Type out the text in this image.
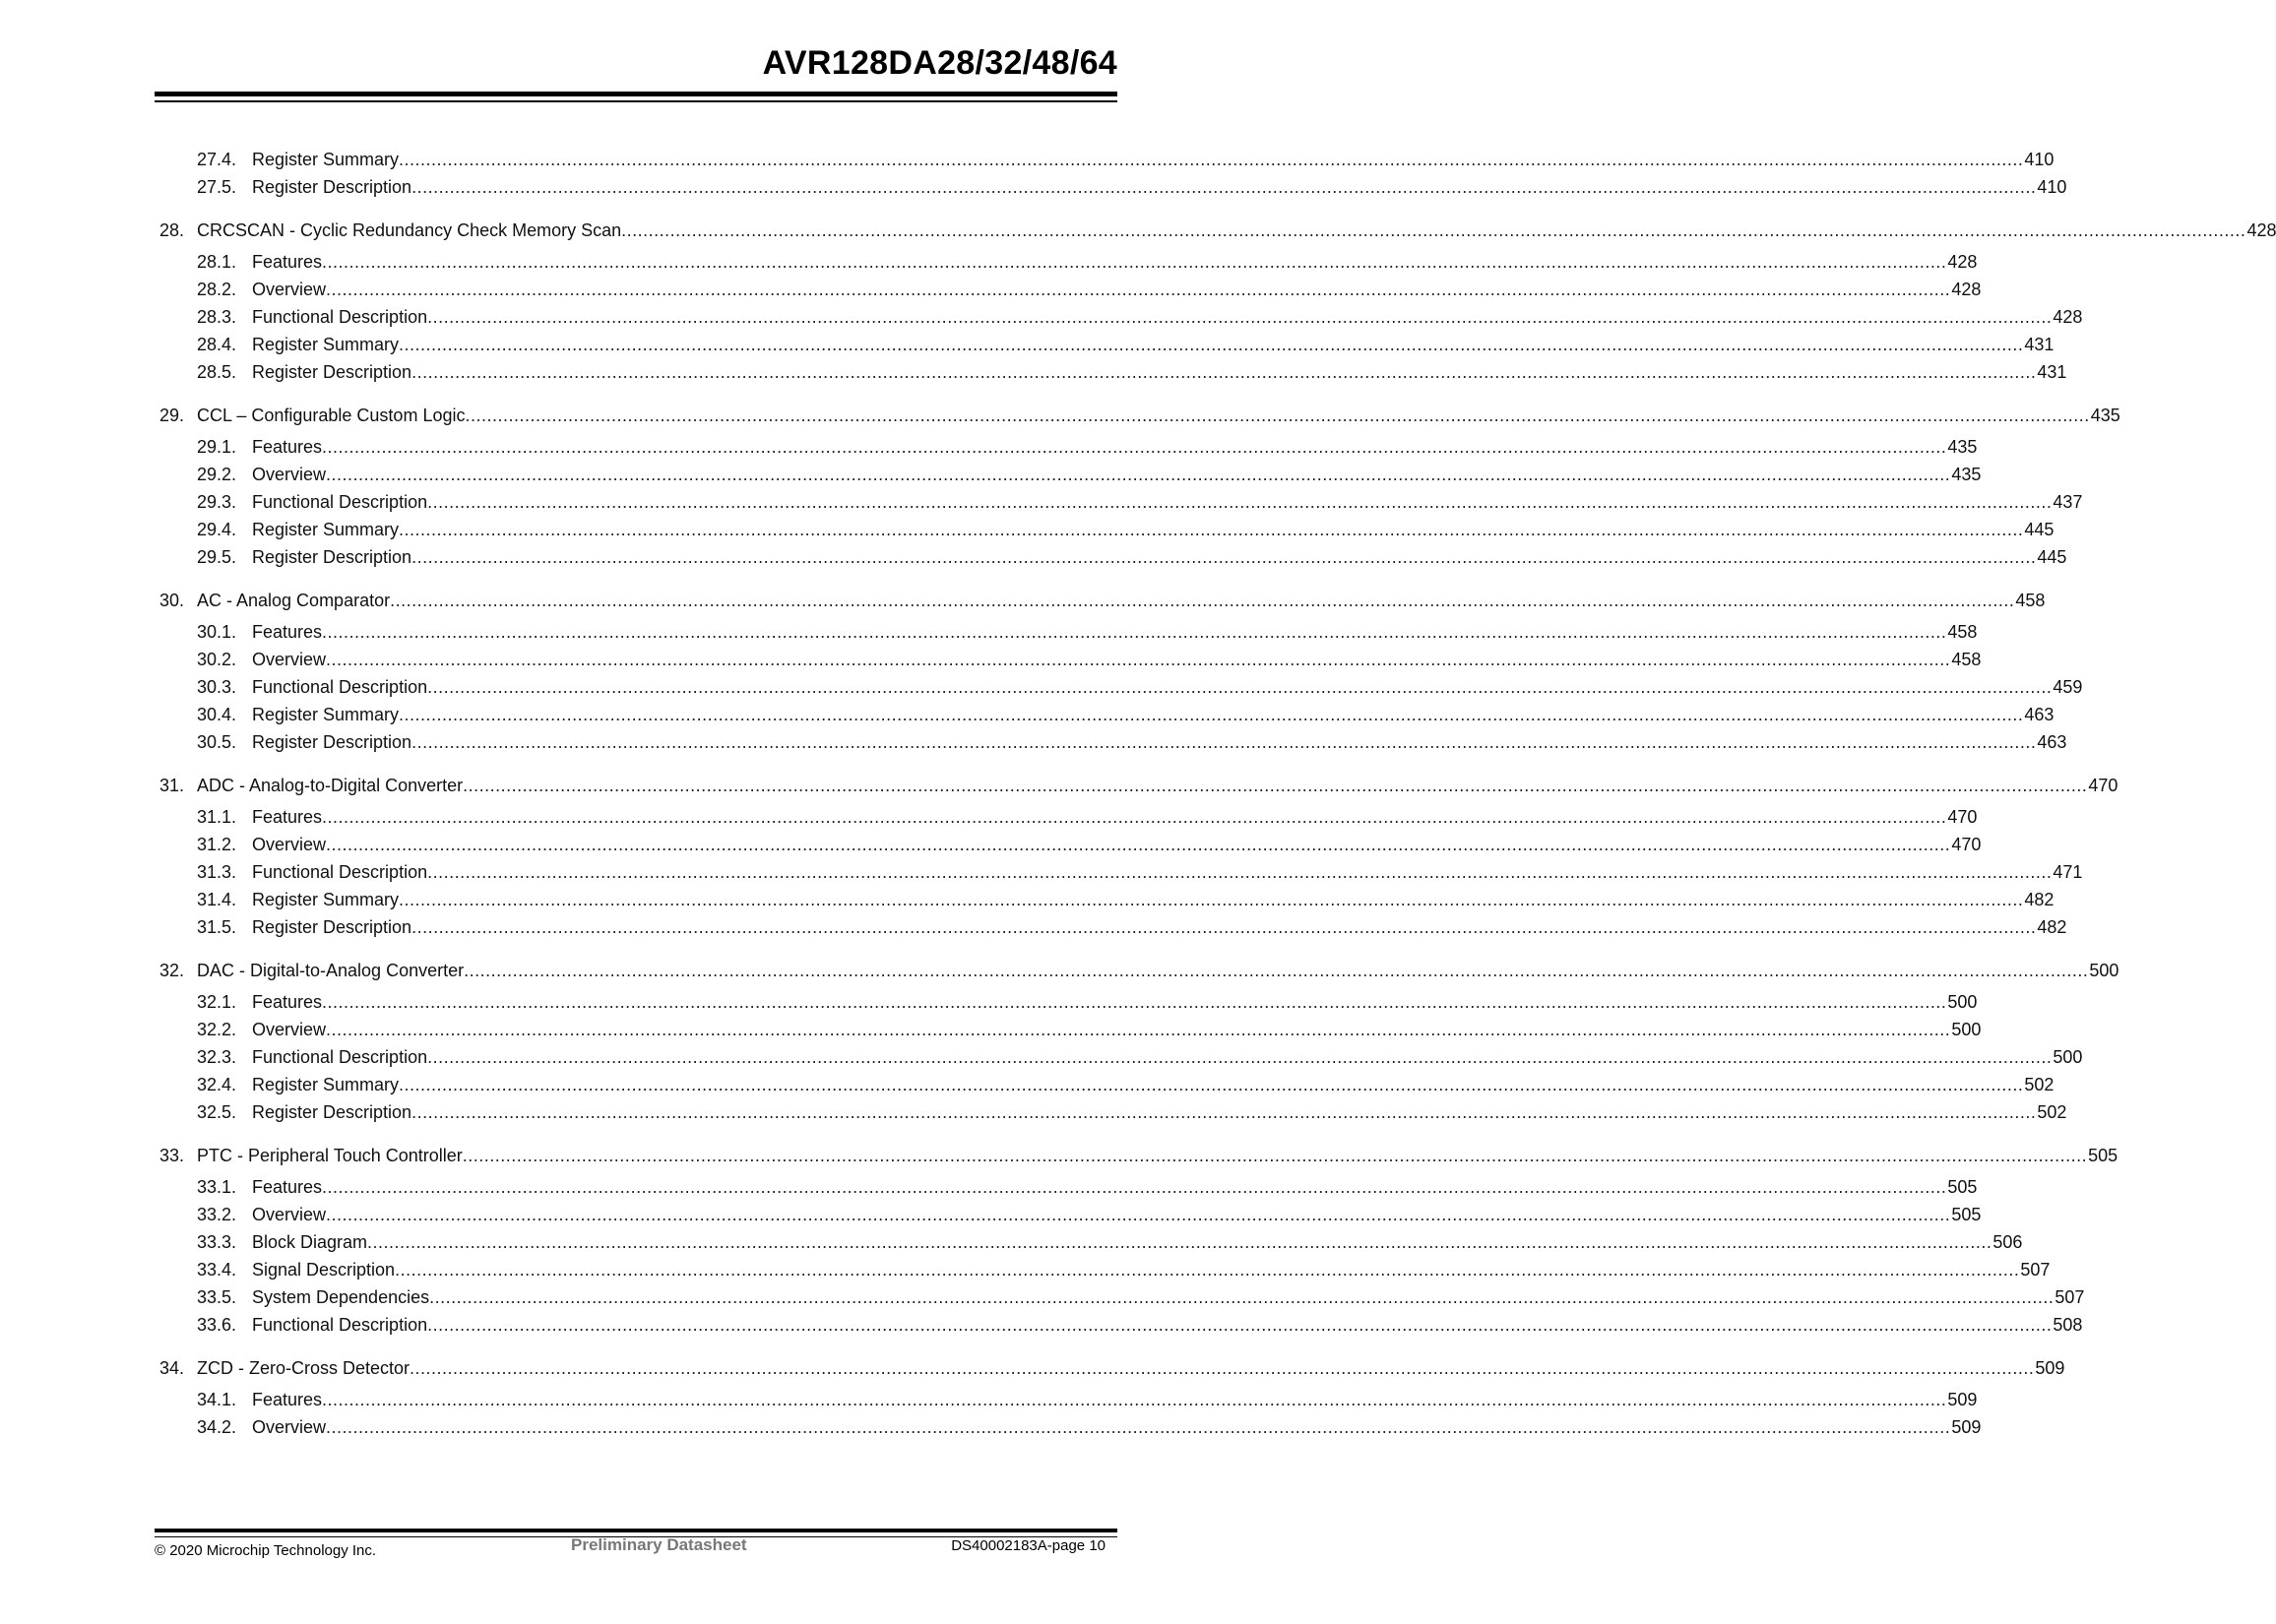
AVR128DA28/32/48/64
27.4. Register Summary ............................................................................................................................................................................................................................................................................................................ 410
27.5. Register Description ............................................................................................................................................................................................................................................................................................................ 410
28. CRCSCAN - Cyclic Redundancy Check Memory Scan ............................................................................................................................................................................................................................................................................................................ 428
28.1. Features ............................................................................................................................................................................................................................................................................................................ 428
28.2. Overview ............................................................................................................................................................................................................................................................................................................ 428
28.3. Functional Description ............................................................................................................................................................................................................................................................................................................ 428
28.4. Register Summary ............................................................................................................................................................................................................................................................................................................ 431
28.5. Register Description ............................................................................................................................................................................................................................................................................................................ 431
29. CCL – Configurable Custom Logic ............................................................................................................................................................................................................................................................................................................ 435
29.1. Features ............................................................................................................................................................................................................................................................................................................ 435
29.2. Overview ............................................................................................................................................................................................................................................................................................................ 435
29.3. Functional Description ............................................................................................................................................................................................................................................................................................................ 437
29.4. Register Summary ............................................................................................................................................................................................................................................................................................................ 445
29.5. Register Description ............................................................................................................................................................................................................................................................................................................ 445
30. AC - Analog Comparator ............................................................................................................................................................................................................................................................................................................ 458
30.1. Features ............................................................................................................................................................................................................................................................................................................ 458
30.2. Overview ............................................................................................................................................................................................................................................................................................................ 458
30.3. Functional Description ............................................................................................................................................................................................................................................................................................................ 459
30.4. Register Summary ............................................................................................................................................................................................................................................................................................................ 463
30.5. Register Description ............................................................................................................................................................................................................................................................................................................ 463
31. ADC - Analog-to-Digital Converter ............................................................................................................................................................................................................................................................................................................ 470
31.1. Features ............................................................................................................................................................................................................................................................................................................ 470
31.2. Overview ............................................................................................................................................................................................................................................................................................................ 470
31.3. Functional Description ............................................................................................................................................................................................................................................................................................................ 471
31.4. Register Summary ............................................................................................................................................................................................................................................................................................................ 482
31.5. Register Description ............................................................................................................................................................................................................................................................................................................ 482
32. DAC - Digital-to-Analog Converter ............................................................................................................................................................................................................................................................................................................ 500
32.1. Features ............................................................................................................................................................................................................................................................................................................ 500
32.2. Overview ............................................................................................................................................................................................................................................................................................................ 500
32.3. Functional Description ............................................................................................................................................................................................................................................................................................................ 500
32.4. Register Summary ............................................................................................................................................................................................................................................................................................................ 502
32.5. Register Description ............................................................................................................................................................................................................................................................................................................ 502
33. PTC - Peripheral Touch Controller ............................................................................................................................................................................................................................................................................................................ 505
33.1. Features ............................................................................................................................................................................................................................................................................................................ 505
33.2. Overview ............................................................................................................................................................................................................................................................................................................ 505
33.3. Block Diagram ............................................................................................................................................................................................................................................................................................................ 506
33.4. Signal Description ............................................................................................................................................................................................................................................................................................................ 507
33.5. System Dependencies ............................................................................................................................................................................................................................................................................................................ 507
33.6. Functional Description ............................................................................................................................................................................................................................................................................................................ 508
34. ZCD - Zero-Cross Detector ............................................................................................................................................................................................................................................................................................................ 509
34.1. Features ............................................................................................................................................................................................................................................................................................................ 509
34.2. Overview ............................................................................................................................................................................................................................................................................................................ 509
© 2020 Microchip Technology Inc.	Preliminary Datasheet	DS40002183A-page 10
